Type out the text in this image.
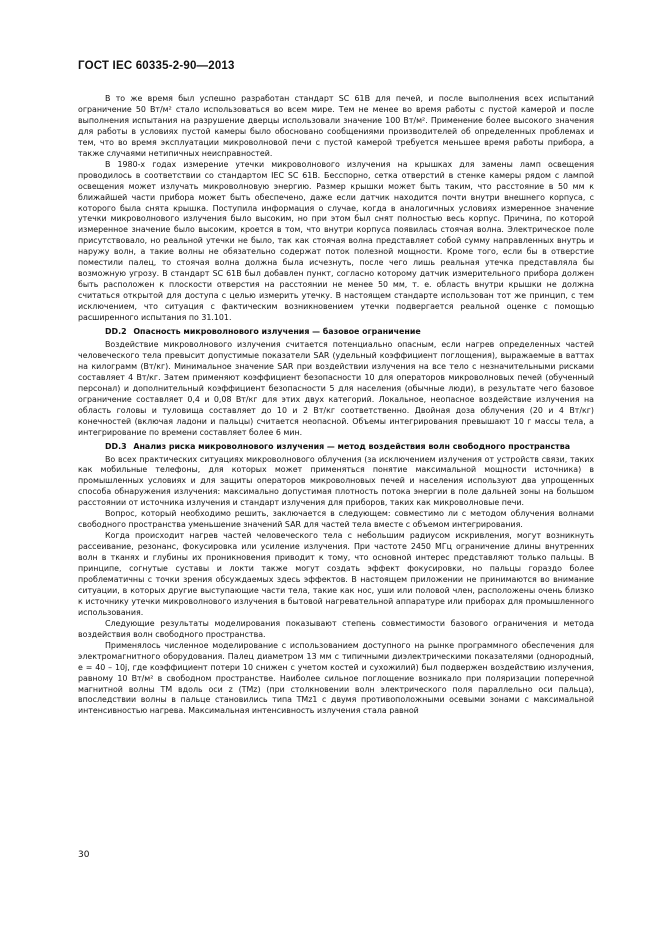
ГОСТ IEC 60335-2-90—2013

В то же время был успешно разработан стандарт SC 61B для печей, и после выполнения всех испытаний ограничение 50 Вт/м² стало использоваться во всем мире. Тем не менее во время работы с пустой камерой и после выполнения испытания на разрушение дверцы использовали значение 100 Вт/м². Применение более высокого значения для работы в условиях пустой камеры было обосновано сообщениями производителей об определенных проблемах и тем, что во время эксплуатации микроволновой печи с пустой камерой требуется меньшее время работы прибора, а также случаями нетипичных неисправностей.

В 1980-х годах измерение утечки микроволнового излучения на крышках для замены ламп освещения проводилось в соответствии со стандартом IEC SC 61B. Бесспорно, сетка отверстий в стенке камеры рядом с лампой освещения может излучать микроволновую энергию. Размер крышки может быть таким, что расстояние в 50 мм к ближайшей части прибора может быть обеспечено, даже если датчик находится почти внутри внешнего корпуса, с которого была снята крышка. Поступила информация о случае, когда в аналогичных условиях измеренное значение утечки микроволнового излучения было высоким, но при этом был снят полностью весь корпус. Причина, по которой измеренное значение было высоким, кроется в том, что внутри корпуса появилась стоячая волна. Электрическое поле присутствовало, но реальной утечки не было, так как стоячая волна представляет собой сумму направленных внутрь и наружу волн, а такие волны не обязательно содержат поток полезной мощности. Кроме того, если бы в отверстие поместили палец, то стоячая волна должна была исчезнуть, после чего лишь реальная утечка представляла бы возможную угрозу. В стандарт SC 61B был добавлен пункт, согласно которому датчик измерительного прибора должен быть расположен к плоскости отверстия на расстоянии не менее 50 мм, т. е. область внутри крышки не должна считаться открытой для доступа с целью измерить утечку. В настоящем стандарте использован тот же принцип, с тем исключением, что ситуация с фактическим возникновением утечки подвергается реальной оценке с помощью расширенного испытания по 31.101.

DD.2 Опасность микроволнового излучения — базовое ограничение

Воздействие микроволнового излучения считается потенциально опасным, если нагрев определенных частей человеческого тела превысит допустимые показатели SAR (удельный коэффициент поглощения), выражаемые в ваттах на килограмм (Вт/кг). Минимальное значение SAR при воздействии излучения на все тело с незначительными рисками составляет 4 Вт/кг. Затем применяют коэффициент безопасности 10 для операторов микроволновых печей (обученный персонал) и дополнительный коэффициент безопасности 5 для населения (обычные люди), в результате чего базовое ограничение составляет 0,4 и 0,08 Вт/кг для этих двух категорий. Локальное, неопасное воздействие излучения на область головы и туловища составляет до 10 и 2 Вт/кг соответственно. Двойная доза облучения (20 и 4 Вт/кг) конечностей (включая ладони и пальцы) считается неопасной. Объемы интегрирования превышают 10 г массы тела, а интегрирование по времени составляет более 6 мин.

DD.3 Анализ риска микроволнового излучения — метод воздействия волн свободного пространства

Во всех практических ситуациях микроволнового облучения (за исключением излучения от устройств связи, таких как мобильные телефоны, для которых может применяться понятие максимальной мощности источника) в промышленных условиях и для защиты операторов микроволновых печей и населения используют два упрощенных способа обнаружения излучения: максимально допустимая плотность потока энергии в поле дальней зоны на большом расстоянии от источника излучения и стандарт излучения для приборов, таких как микроволновые печи.

Вопрос, который необходимо решить, заключается в следующем: совместимо ли с методом облучения волнами свободного пространства уменьшение значений SAR для частей тела вместе с объемом интегрирования.

Когда происходит нагрев частей человеческого тела с небольшим радиусом искривления, могут возникнуть рассеивание, резонанс, фокусировка или усиление излучения. При частоте 2450 МГц ограничение длины внутренних волн в тканях и глубины их проникновения приводит к тому, что основной интерес представляют только пальцы. В принципе, согнутые суставы и локти также могут создать эффект фокусировки, но пальцы гораздо более проблематичны с точки зрения обсуждаемых здесь эффектов. В настоящем приложении не принимаются во внимание ситуации, в которых другие выступающие части тела, такие как нос, уши или половой член, расположены очень близко к источнику утечки микроволнового излучения в бытовой нагревательной аппаратуре или приборах для промышленного использования.

Следующие результаты моделирования показывают степень совместимости базового ограничения и метода воздействия волн свободного пространства.

Применялось численное моделирование с использованием доступного на рынке программного обеспечения для электромагнитного оборудования. Палец диаметром 13 мм с типичными диэлектрическими показателями (однородный, e = 40 – 10j, где коэффициент потери 10 снижен с учетом костей и сухожилий) был подвержен воздействию излучения, равному 10 Вт/м² в свободном пространстве. Наиболее сильное поглощение возникало при поляризации поперечной магнитной волны ТМ вдоль оси z (ТМz) (при столкновении волн электрического поля параллельно оси пальца), впоследствии волны в пальце становились типа ТМz1 с двумя противоположными осевыми зонами с максимальной интенсивностью нагрева. Максимальная интенсивность излучения стала равной

30
